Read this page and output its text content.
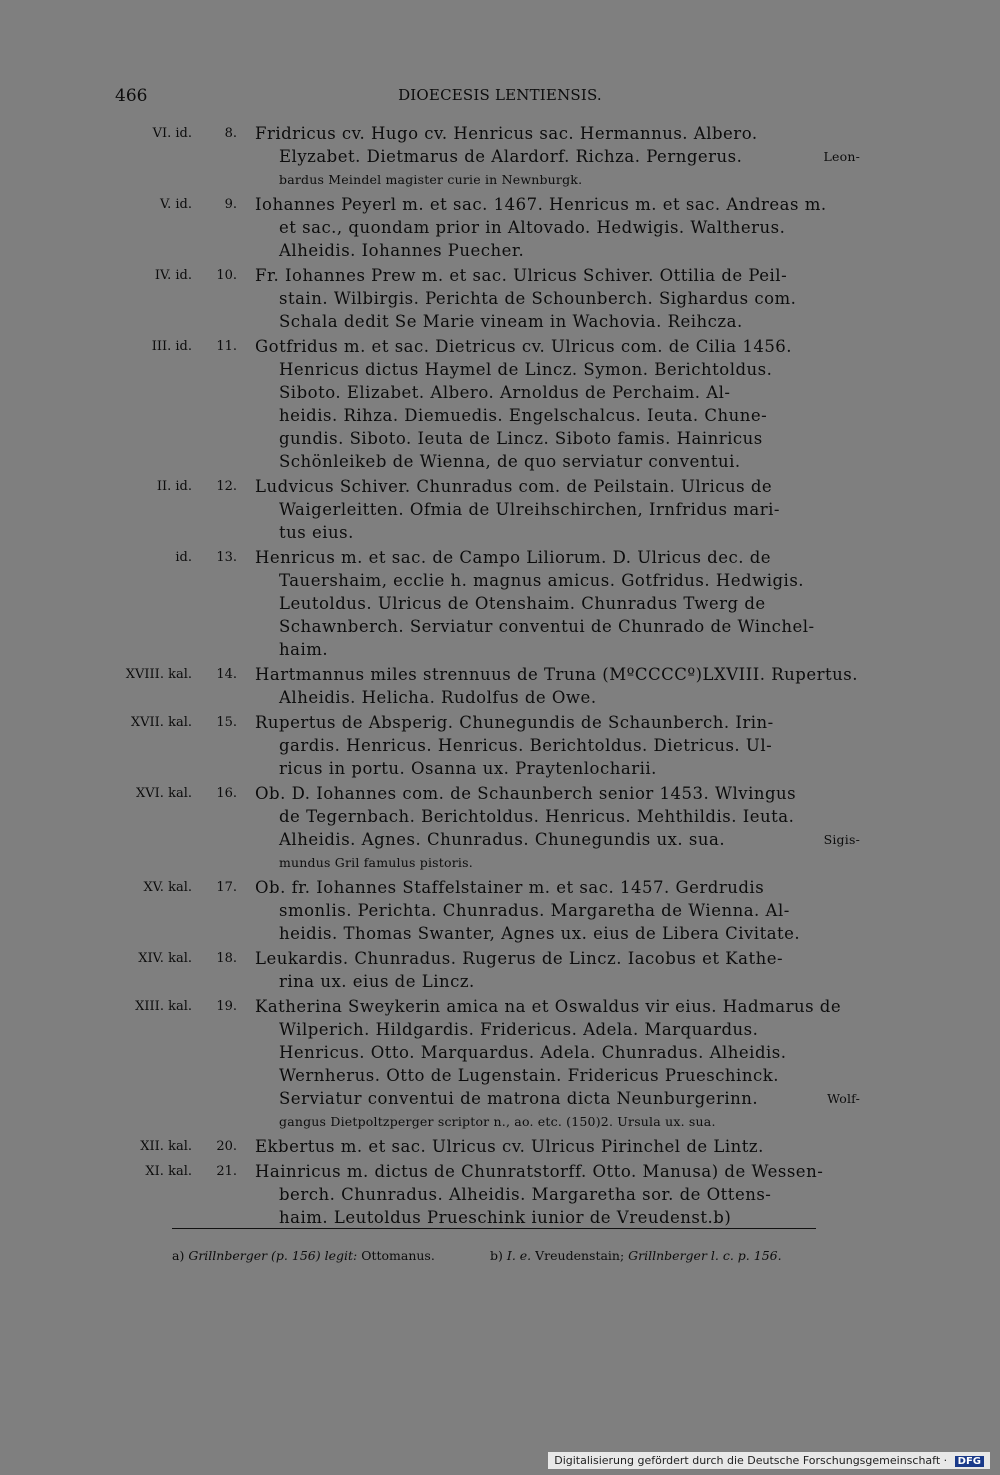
466	DIOECESIS LENTIENSIS.
VI. id.	8. Fridricus cv. Hugo cv. Henricus sac. Hermannus. Albero.
Elyzabet. Dietmarus de Alardorf. Richza. Perngerus.	Leon-
bardus Meindel magister curie in Newnburgk.
V. id.	9. Iohannes Peyerl m. et sac. 1467. Henricus m. et sac. Andreas m.
et sac., quondam prior in Altovado. Hedwigis. Waltherus.
Alheidis. Iohannes Puecher.
IV. id.	10. Fr. Iohannes Prew m. et sac. Ulricus Schiver. Ottilia de Peil-
stain. Wilbirgis. Perichta de Schounberch. Sighardus com.
Schala dedit Se Marie vineam in Wachovia. Reihcza.
III. id.	11. Gotfridus m. et sac. Dietricus cv. Ulricus com. de Cilia 1456.
Henricus dictus Haymel de Lincz. Symon. Berichtoldus.
Siboto. Elizabet. Albero. Arnoldus de Perchaim. Al-
heidis. Rihza. Diemuedis. Engelschalcus. Ieuta. Chune-
gundis. Siboto. Ieuta de Lincz. Siboto famis. Hainricus
Schönleikeb de Wienna, de quo serviatur conventui.
II. id.	12. Ludvicus Schiver. Chunradus com. de Peilstain. Ulricus de
Waigerleitten. Ofmia de Ulreihschirchen, Irnfridus mari-
tus eius.
id.	13. Henricus m. et sac. de Campo Liliorum. D. Ulricus dec. de
Tauershaim, ecclie h. magnus amicus. Gotfridus. Hedwigis.
Leutoldus. Ulricus de Otenshaim. Chunradus Twerg de
Schawnberch. Serviatur conventui de Chunrado de Winchel-
haim.
XVIII. kal.	14. Hartmannus miles strennuus de Truna (MºCCCCº)LXVIII. Rupertus.
Alheidis. Helicha. Rudolfus de Owe.
XVII. kal.	15. Rupertus de Absperig. Chunegundis de Schaunberch. Irin-
gardis. Henricus. Henricus. Berichtoldus. Dietricus. Ul-
ricus in portu. Osanna ux. Praytenlocharii.
XVI. kal.	16. Ob. D. Iohannes com. de Schaunberch senior 1453. Wlvingus
de Tegernbach. Berichtoldus. Henricus. Mehthildis. Ieuta.
Alheidis. Agnes. Chunradus. Chunegundis ux. sua.	Sigis-
mundus Gril famulus pistoris.
XV. kal.	17. Ob. fr. Iohannes Staffelstainer m. et sac. 1457. Gerdrudis
smonlis. Perichta. Chunradus. Margaretha de Wienna. Al-
heidis. Thomas Swanter, Agnes ux. eius de Libera Civitate.
XIV. kal.	18. Leukardis. Chunradus. Rugerus de Lincz. Iacobus et Kathe-
rina ux. eius de Lincz.
XIII. kal.	19. Katherina Sweykerin amica na et Oswaldus vir eius. Hadmarus de
Wilperich. Hildgardis. Fridericus. Adela. Marquardus.
Henricus. Otto. Marquardus. Adela. Chunradus. Alheidis.
Wernherus. Otto de Lugenstain. Fridericus Prueschinck.
Serviatur conventui de matrona dicta Neunburgerinn.	Wolf-
gangus Dietpoltzperger scriptor n., ao. etc. (150)2. Ursula ux. sua.
XII. kal.	20. Ekbertus m. et sac. Ulricus cv. Ulricus Pirinchel de Lintz.
XI. kal.	21. Hainricus m. dictus de Chunratstorff. Otto. Manusa) de Wessen-
berch. Chunradus. Alheidis. Margaretha sor. de Ottens-
haim. Leutoldus Prueschink iunior de Vreudenst.b)
a) Grillnberger (p. 156) legit: Ottomanus.	b) I. e. Vreudenstain; Grillnberger l. c. p. 156.
Digitalisierung gefördert durch die Deutsche Forschungsgemeinschaft · DFG
